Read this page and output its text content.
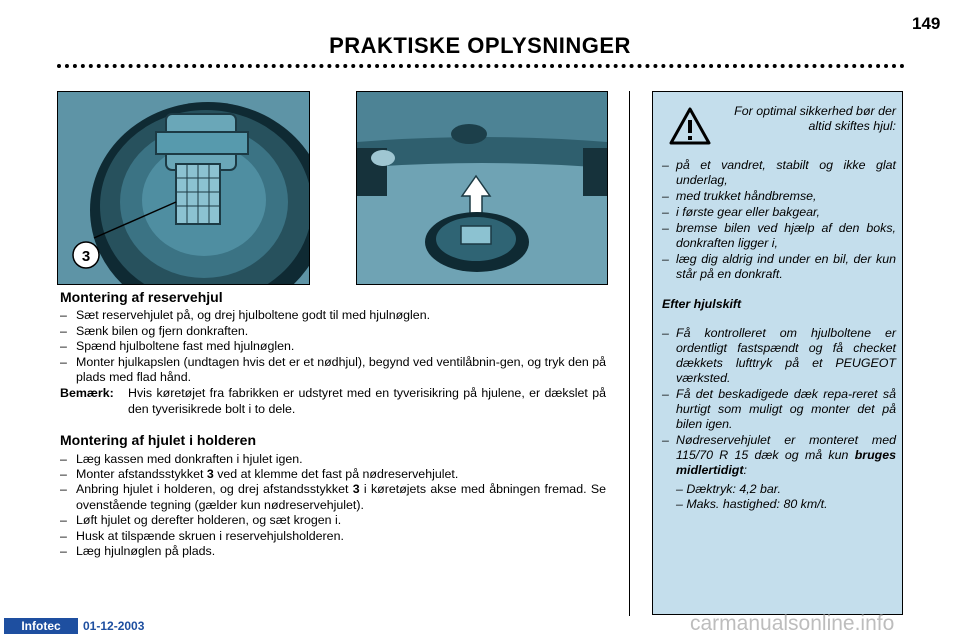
149
PRAKTISKE OPLYSNINGER
3
Montering af reservehjul
– Sæt reservehjulet på, og drej hjulboltene godt til med hjulnøglen.
– Sænk bilen og fjern donkraften.
– Spænd hjulboltene fast med hjulnøglen.
– Monter hjulkapslen (undtagen hvis det er et nødhjul), begynd ved ventilåbnin-gen, og tryk den på plads med flad hånd.
Bemærk:	Hvis køretøjet fra fabrikken er udstyret med en tyverisikring på hjulene, er dækslet på den tyverisikrede bolt i to dele.
Montering af hjulet i holderen
– Læg kassen med donkraften i hjulet igen.
– Monter afstandsstykket 3 ved at klemme det fast på nødreservehjulet.
– Anbring hjulet i holderen, og drej afstandsstykket 3 i køretøjets akse med åbningen fremad. Se ovenstående tegning (gælder kun nødreservehjulet).
– Løft hjulet og derefter holderen, og sæt krogen i.
– Husk at tilspænde skruen i reservehjulsholderen.
– Læg hjulnøglen på plads.
For optimal sikkerhed bør der altid skiftes hjul:
– på et vandret, stabilt og ikke glat underlag,
– med trukket håndbremse,
– i første gear eller bakgear,
– bremse bilen ved hjælp af den boks, donkraften ligger i,
– læg dig aldrig ind under en bil, der kun står på en donkraft.
Efter hjulskift
– Få kontrolleret om hjulboltene er ordentligt fastspændt og få checket dækkets lufttryk på et PEUGEOT værksted.
– Få det beskadigede dæk repa-reret så hurtigt som muligt og monter det på bilen igen.
– Nødreservehjulet er monteret med 115/70 R 15 dæk og må kun bruges midlertidigt:
– Dæktryk: 4,2 bar.
– Maks. hastighed: 80 km/t.
Infotec	01-12-2003	carmanualsonline.info
